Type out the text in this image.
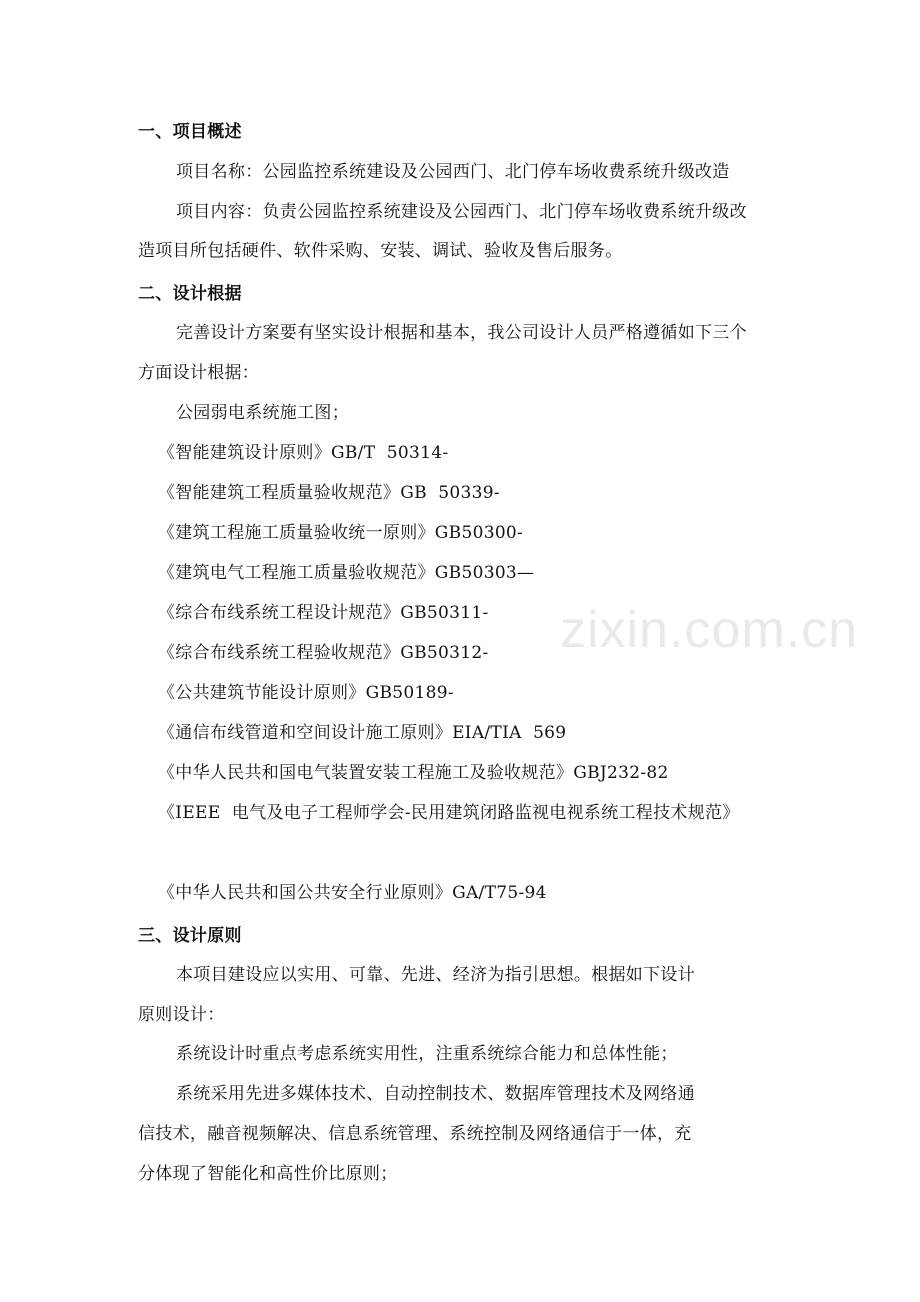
zixin.com.cn
一、项目概述
项目名称：公园监控系统建设及公园西门、北门停车场收费系统升级改造
项目内容：负责公园监控系统建设及公园西门、北门停车场收费系统升级改
造项目所包括硬件、软件采购、安装、调试、验收及售后服务。
二、设计根据
完善设计方案要有坚实设计根据和基本，我公司设计人员严格遵循如下三个
方面设计根据：
公园弱电系统施工图；
《智能建筑设计原则》GB/T  50314-
《智能建筑工程质量验收规范》GB  50339-
《建筑工程施工质量验收统一原则》GB50300-
《建筑电气工程施工质量验收规范》GB50303—
《综合布线系统工程设计规范》GB50311-
《综合布线系统工程验收规范》GB50312-
《公共建筑节能设计原则》GB50189-
《通信布线管道和空间设计施工原则》EIA/TIA  569
《中华人民共和国电气装置安装工程施工及验收规范》GBJ232-82
《IEEE  电气及电子工程师学会-民用建筑闭路监视电视系统工程技术规范》
《中华人民共和国公共安全行业原则》GA/T75-94
三、设计原则
本项目建设应以实用、可靠、先进、经济为指引思想。根据如下设计
原则设计：
系统设计时重点考虑系统实用性，注重系统综合能力和总体性能；
系统采用先进多媒体技术、自动控制技术、数据库管理技术及网络通
信技术，融音视频解决、信息系统管理、系统控制及网络通信于一体，充
分体现了智能化和高性价比原则；
